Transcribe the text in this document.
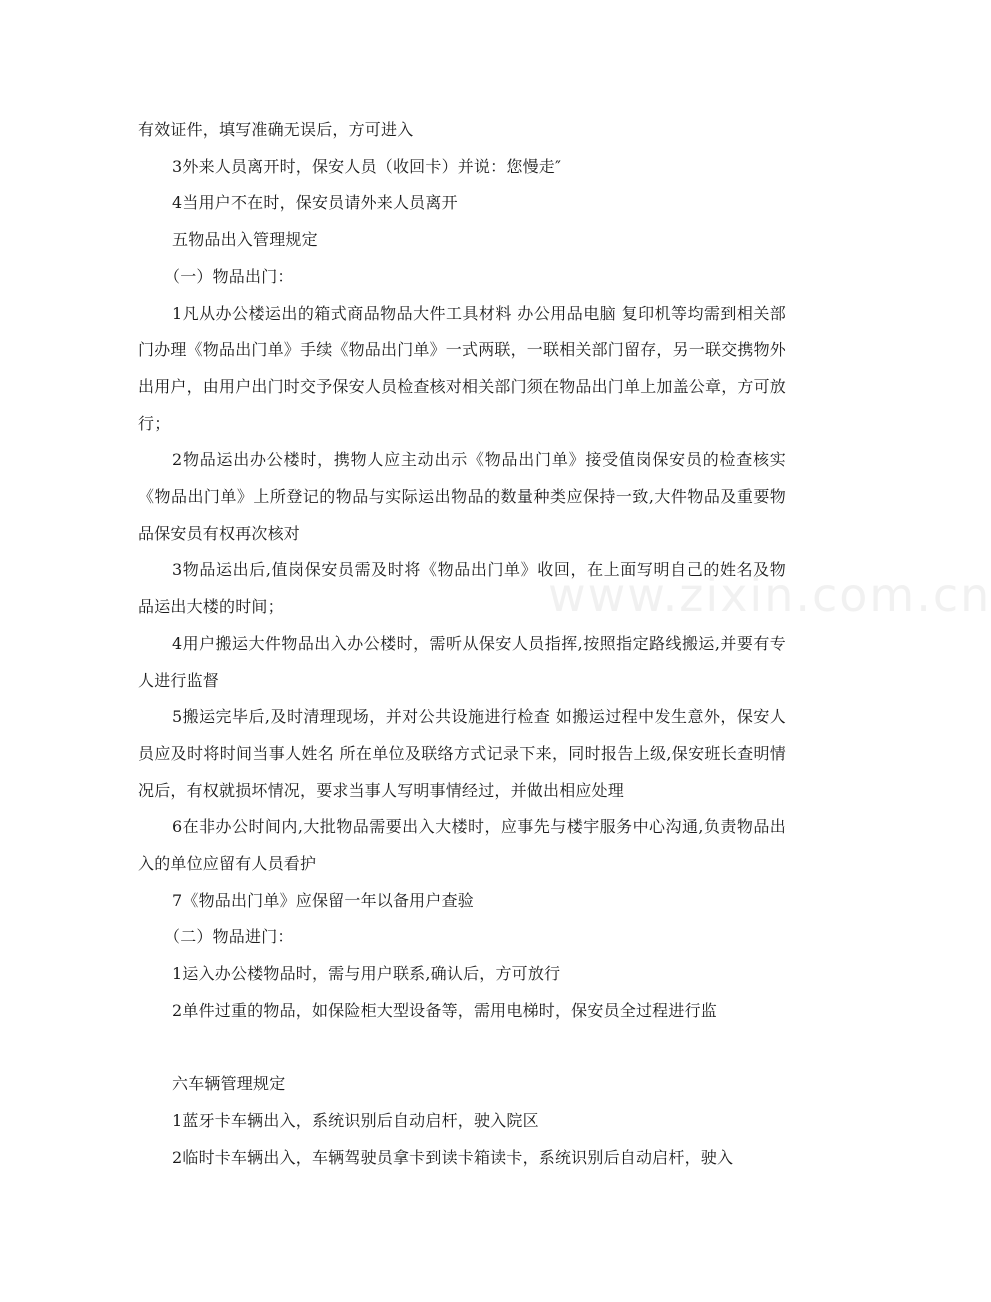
www.zixin.com.cn

有效证件，填写准确无误后，方可进入

3外来人员离开时，保安人员（收回卡）并说：您慢走″

4当用户不在时，保安员请外来人员离开

五物品出入管理规定

（一）物品出门：

1凡从办公楼运出的箱式商品物品大件工具材料 办公用品电脑 复印机等均需到相关部门办理《物品出门单》手续《物品出门单》一式两联，一联相关部门留存，另一联交携物外出用户，由用户出门时交予保安人员检查核对相关部门须在物品出门单上加盖公章，方可放行；

2物品运出办公楼时，携物人应主动出示《物品出门单》接受值岗保安员的检查核实《物品出门单》上所登记的物品与实际运出物品的数量种类应保持一致,大件物品及重要物品保安员有权再次核对

3物品运出后,值岗保安员需及时将《物品出门单》收回，在上面写明自己的姓名及物品运出大楼的时间；

4用户搬运大件物品出入办公楼时，需听从保安人员指挥,按照指定路线搬运,并要有专人进行监督

5搬运完毕后,及时清理现场，并对公共设施进行检查 如搬运过程中发生意外，保安人员应及时将时间当事人姓名 所在单位及联络方式记录下来，同时报告上级,保安班长查明情况后，有权就损坏情况，要求当事人写明事情经过，并做出相应处理

6在非办公时间内,大批物品需要出入大楼时，应事先与楼宇服务中心沟通,负责物品出入的单位应留有人员看护

7《物品出门单》应保留一年以备用户查验

（二）物品进门：

1运入办公楼物品时，需与用户联系,确认后，方可放行

2单件过重的物品，如保险柜大型设备等，需用电梯时，保安员全过程进行监

六车辆管理规定

1蓝牙卡车辆出入，系统识别后自动启杆，驶入院区

2临时卡车辆出入，车辆驾驶员拿卡到读卡箱读卡，系统识别后自动启杆，驶入
